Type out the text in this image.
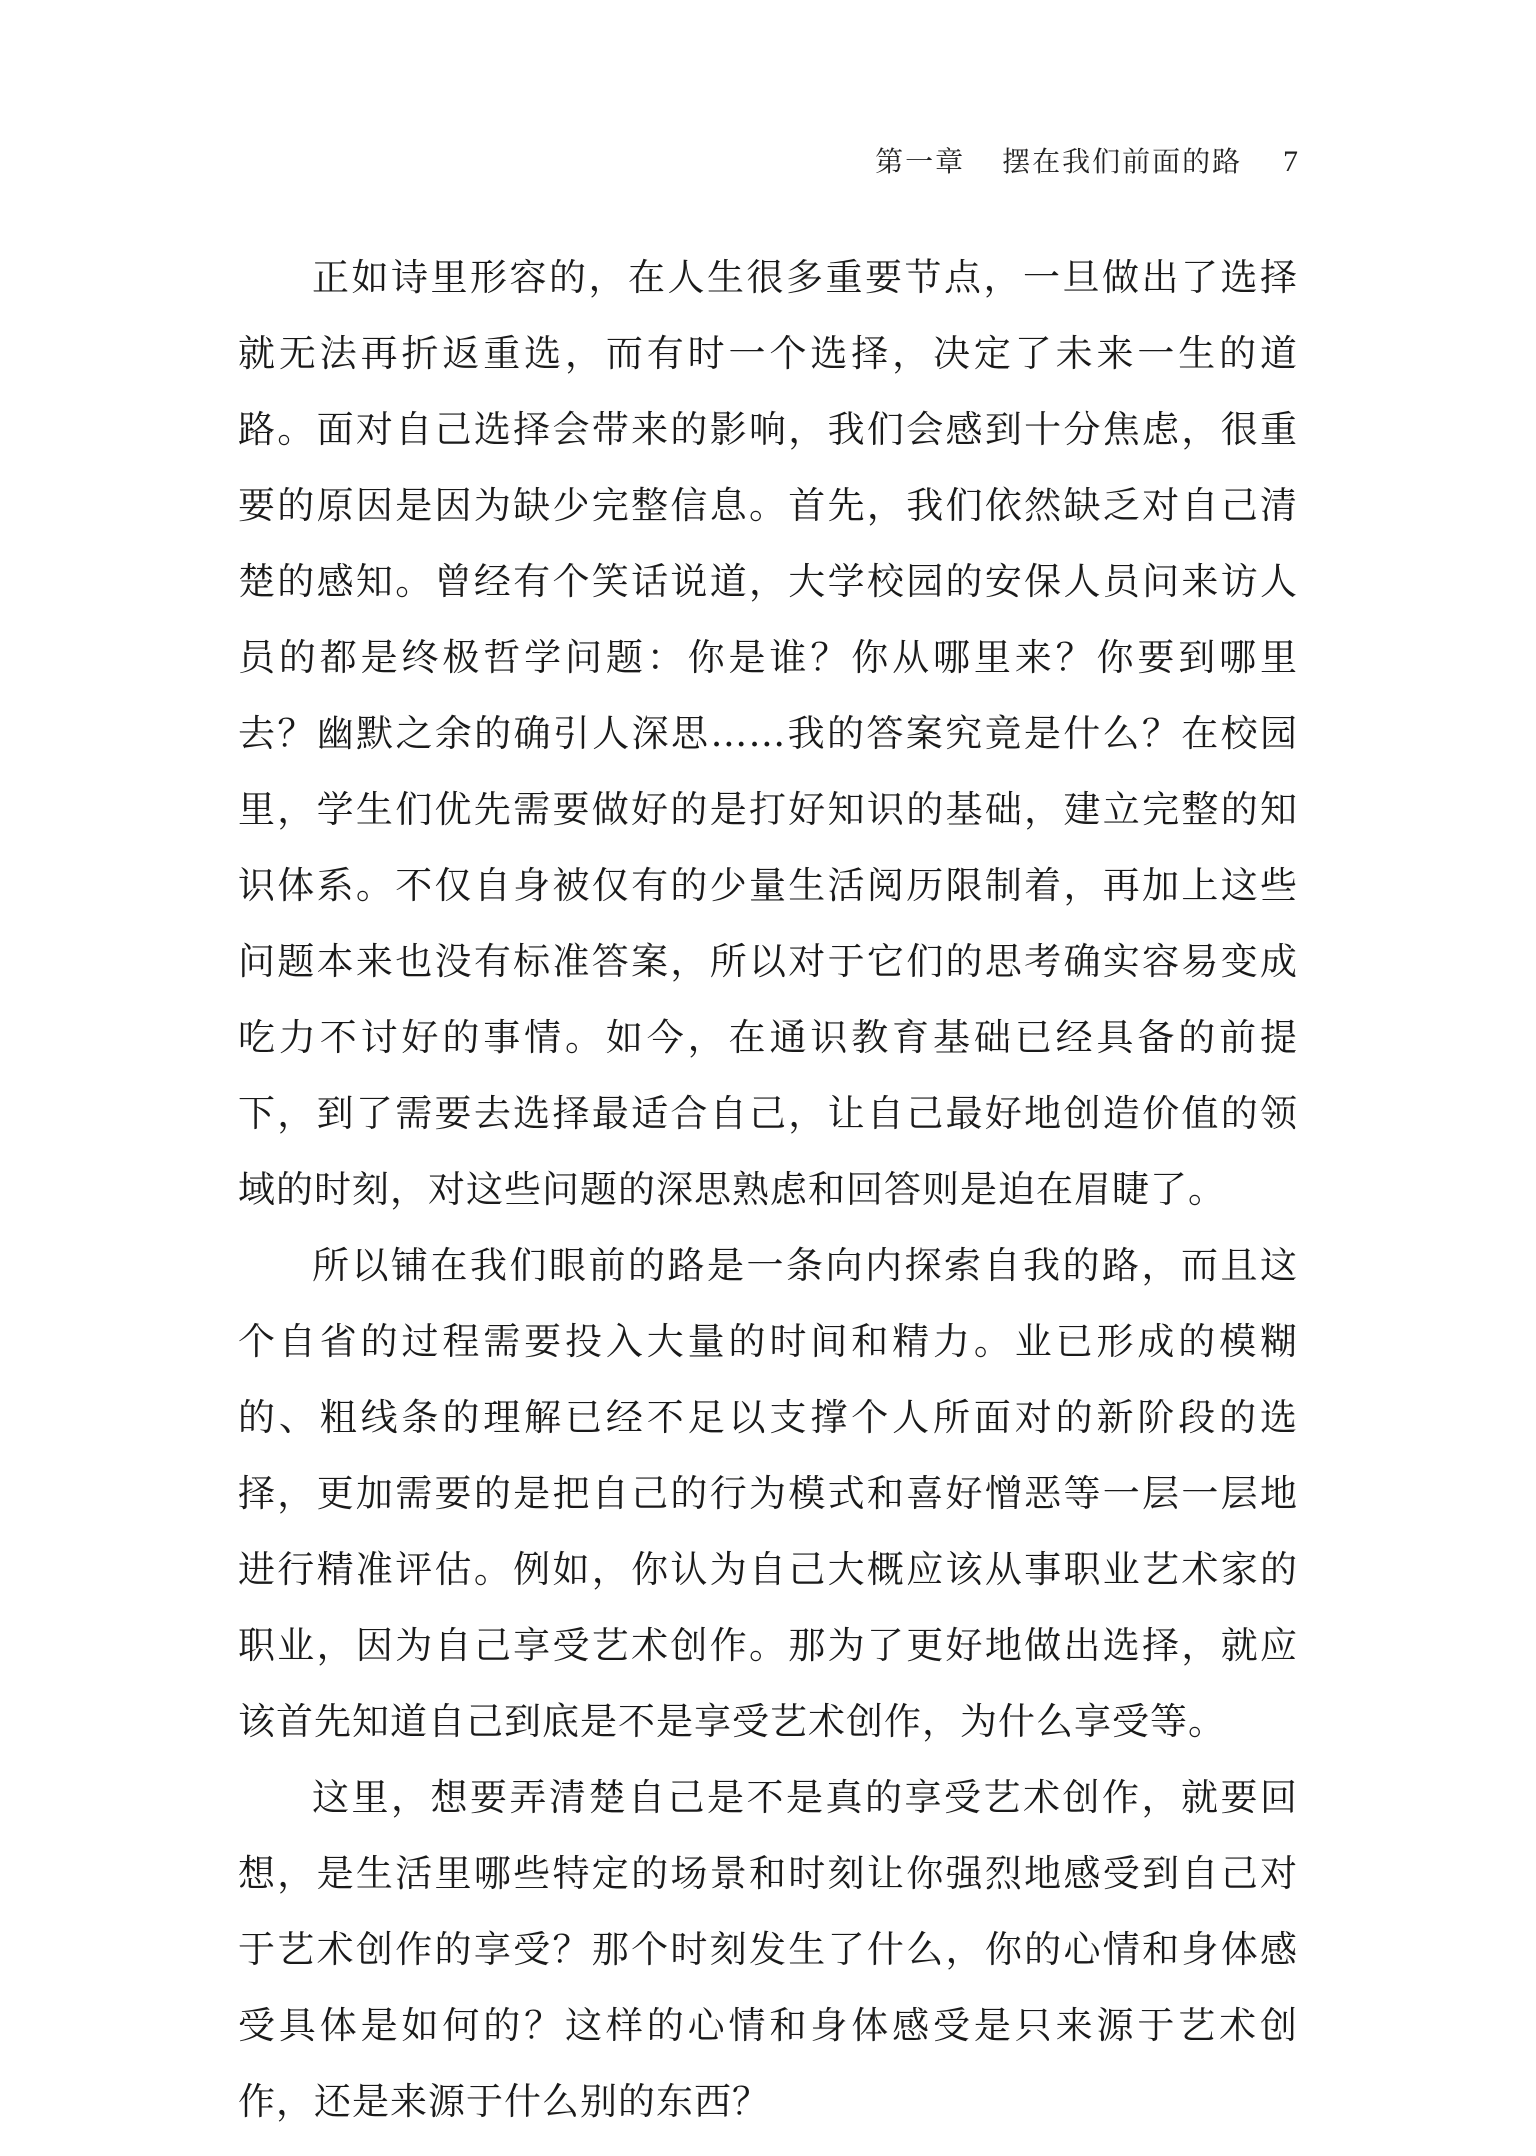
第一章 摆在我们前面的路 7

正如诗里形容的，在人生很多重要节点，一旦做出了选择就无法再折返重选，而有时一个选择，决定了未来一生的道路。面对自己选择会带来的影响，我们会感到十分焦虑，很重要的原因是因为缺少完整信息。首先，我们依然缺乏对自己清楚的感知。曾经有个笑话说道，大学校园的安保人员问来访人员的都是终极哲学问题：你是谁？你从哪里来？你要到哪里去？幽默之余的确引人深思……我的答案究竟是什么？在校园里，学生们优先需要做好的是打好知识的基础，建立完整的知识体系。不仅自身被仅有的少量生活阅历限制着，再加上这些问题本来也没有标准答案，所以对于它们的思考确实容易变成吃力不讨好的事情。如今，在通识教育基础已经具备的前提下，到了需要去选择最适合自己，让自己最好地创造价值的领域的时刻，对这些问题的深思熟虑和回答则是迫在眉睫了。

所以铺在我们眼前的路是一条向内探索自我的路，而且这个自省的过程需要投入大量的时间和精力。业已形成的模糊的、粗线条的理解已经不足以支撑个人所面对的新阶段的选择，更加需要的是把自己的行为模式和喜好憎恶等一层一层地进行精准评估。例如，你认为自己大概应该从事职业艺术家的职业，因为自己享受艺术创作。那为了更好地做出选择，就应该首先知道自己到底是不是享受艺术创作，为什么享受等。

这里，想要弄清楚自己是不是真的享受艺术创作，就要回想，是生活里哪些特定的场景和时刻让你强烈地感受到自己对于艺术创作的享受？那个时刻发生了什么，你的心情和身体感受具体是如何的？这样的心情和身体感受是只来源于艺术创作，还是来源于什么别的东西？
